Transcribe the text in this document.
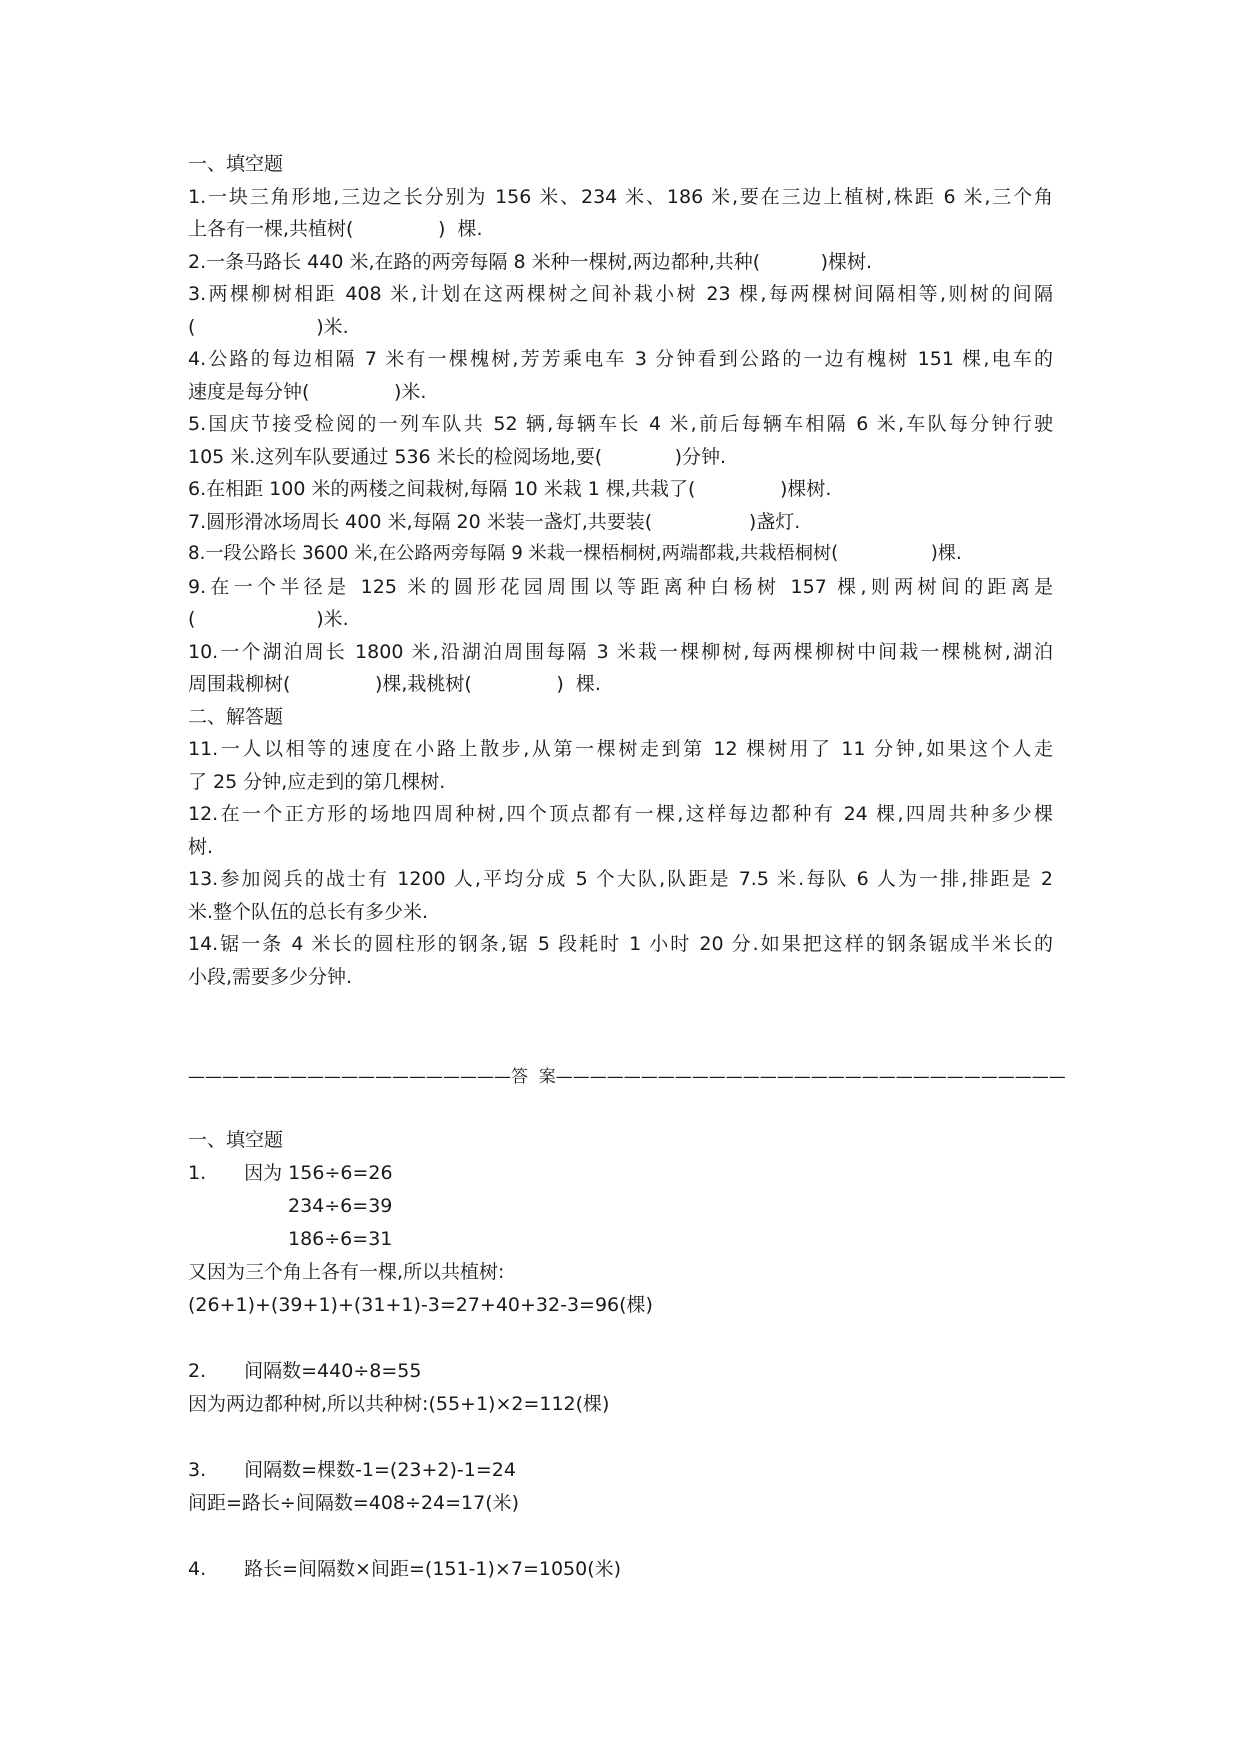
一、填空题
1.一块三角形地,三边之长分别为 156 米、234 米、186 米,要在三边上植树,株距 6 米,三个角
上各有一棵,共植树(              )  棵.
2.一条马路长 440 米,在路的两旁每隔 8 米种一棵树,两边都种,共种(          )棵树.
3.两棵柳树相距 408 米,计划在这两棵树之间补栽小树 23 棵,每两棵树间隔相等,则树的间隔
(                    )米.
4.公路的每边相隔 7 米有一棵槐树,芳芳乘电车 3 分钟看到公路的一边有槐树 151 棵,电车的
速度是每分钟(              )米.
5.国庆节接受检阅的一列车队共 52 辆,每辆车长 4 米,前后每辆车相隔 6 米,车队每分钟行驶
105 米.这列车队要通过 536 米长的检阅场地,要(            )分钟.
6.在相距 100 米的两楼之间栽树,每隔 10 米栽 1 棵,共栽了(              )棵树.
7.圆形滑冰场周长 400 米,每隔 20 米装一盏灯,共要装(                )盏灯.
8.一段公路长 3600 米,在公路两旁每隔 9 米栽一棵梧桐树,两端都栽,共栽梧桐树(                )棵.
9.在一个半径是 125 米的圆形花园周围以等距离种白杨树 157 棵,则两树间的距离是
(                    )米.
10.一个湖泊周长 1800 米,沿湖泊周围每隔 3 米栽一棵柳树,每两棵柳树中间栽一棵桃树,湖泊
周围栽柳树(              )棵,栽桃树(              )  棵.
二、解答题
11.一人以相等的速度在小路上散步,从第一棵树走到第 12 棵树用了 11 分钟,如果这个人走
了 25 分钟,应走到的第几棵树.
12.在一个正方形的场地四周种树,四个顶点都有一棵,这样每边都种有 24 棵,四周共种多少棵
树.
13.参加阅兵的战士有 1200 人,平均分成 5 个大队,队距是 7.5 米.每队 6 人为一排,排距是 2
米.整个队伍的总长有多少米.
14.锯一条 4 米长的圆柱形的钢条,锯 5 段耗时 1 小时 20 分.如果把这样的钢条锯成半米长的
小段,需要多少分钟.
———————————————————答  案——————————————————————————————
一、填空题
1. 因为 156÷6=26
234÷6=39
186÷6=31
又因为三个角上各有一棵,所以共植树:
(26+1)+(39+1)+(31+1)-3=27+40+32-3=96(棵)
2. 间隔数=440÷8=55
因为两边都种树,所以共种树:(55+1)×2=112(棵)
3. 间隔数=棵数-1=(23+2)-1=24
间距=路长÷间隔数=408÷24=17(米)
4. 路长=间隔数×间距=(151-1)×7=1050(米)
